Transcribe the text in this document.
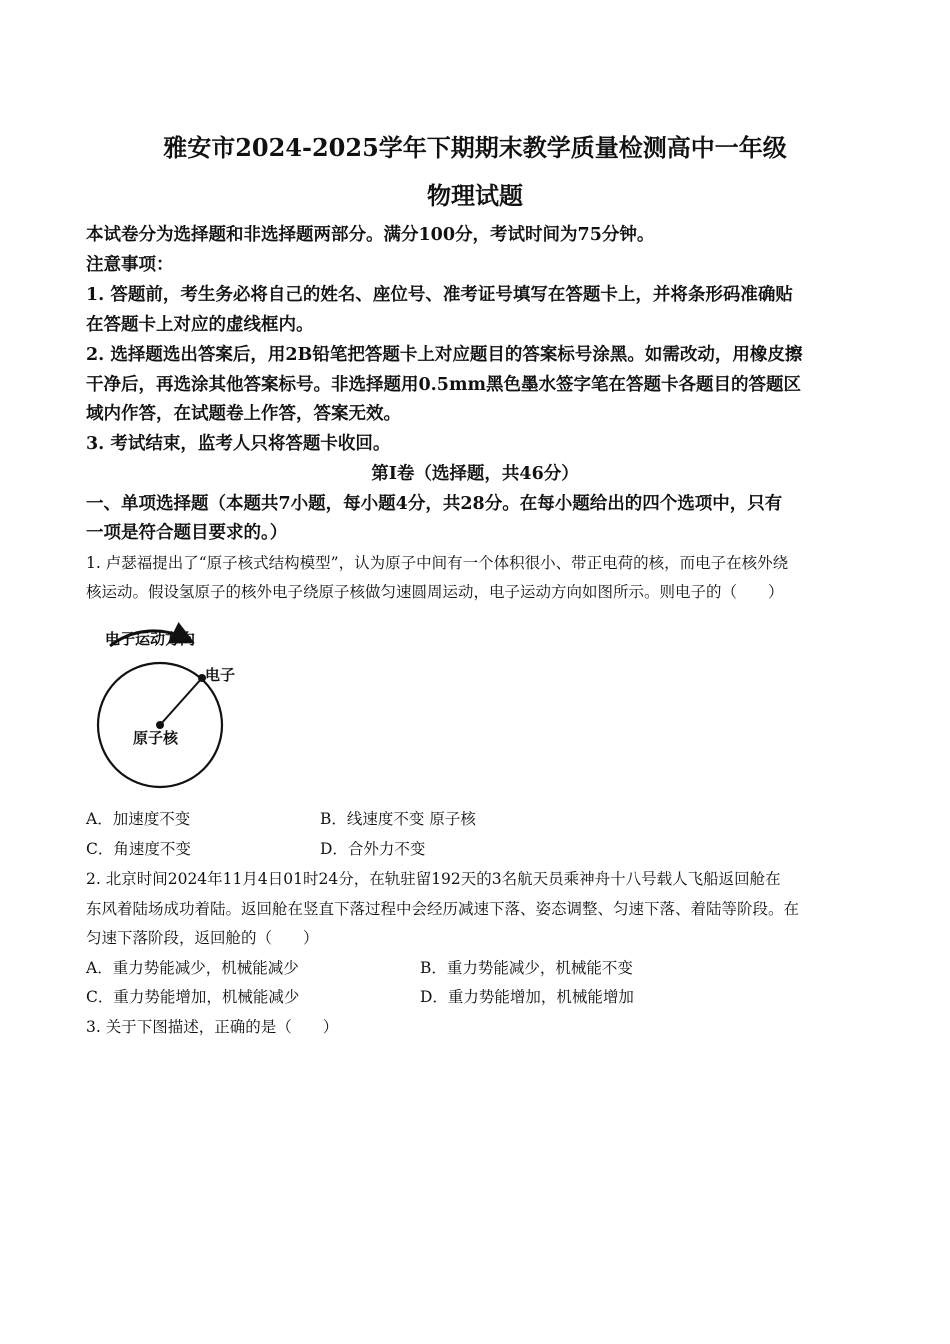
雅安市2024-2025学年下期期末教学质量检测高中一年级
物理试题
本试卷分为选择题和非选择题两部分。满分100分，考试时间为75分钟。
注意事项：
1. 答题前，考生务必将自己的姓名、座位号、准考证号填写在答题卡上，并将条形码准确贴
在答题卡上对应的虚线框内。
2. 选择题选出答案后，用2B铅笔把答题卡上对应题目的答案标号涂黑。如需改动，用橡皮擦
干净后，再选涂其他答案标号。非选择题用0.5mm黑色墨水签字笔在答题卡各题目的答题区
域内作答，在试题卷上作答，答案无效。
3. 考试结束，监考人只将答题卡收回。
第Ⅰ卷（选择题，共46分）
一、单项选择题（本题共7小题，每小题4分，共28分。在每小题给出的四个选项中，只有
一项是符合题目要求的。）
1. 卢瑟福提出了“原子核式结构模型”，认为原子中间有一个体积很小、带正电荷的核，而电子在核外绕
核运动。假设氢原子的核外电子绕原子核做匀速圆周运动，电子运动方向如图所示。则电子的（　　）
电子运动方向
电子
原子核
A．加速度不变	B．线速度不变 原子核
C．角速度不变	D．合外力不变
2. 北京时间2024年11月4日01时24分，在轨驻留192天的3名航天员乘神舟十八号载人飞船返回舱在
东风着陆场成功着陆。返回舱在竖直下落过程中会经历减速下落、姿态调整、匀速下落、着陆等阶段。在
匀速下落阶段，返回舱的（　　）
A．重力势能减少，机械能减少	B．重力势能减少，机械能不变
C．重力势能增加，机械能减少	D．重力势能增加，机械能增加
3. 关于下图描述，正确的是（　　）
